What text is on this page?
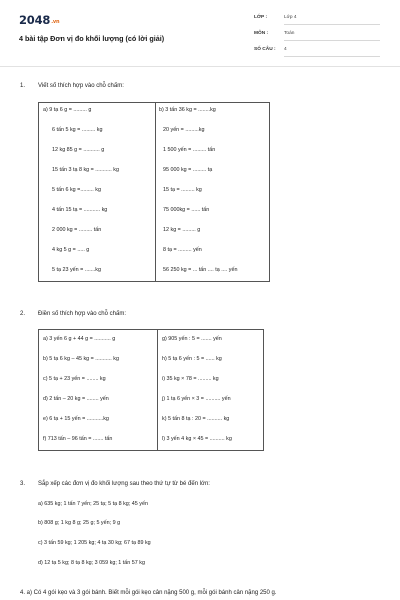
2048.vn
4 bài tập Đơn vị đo khối lượng (có lời giải)
LỚP :	Lớp 4
MÔN :	Toán
SỐ CÂU : 4
1. Viết số thích hợp vào chỗ chấm:
a) 9 tạ 6 g = ......... g
6 tấn 5 kg = ......... kg
12 kg 85 g = ........... g
15 tấn 3 tạ 8 kg = ........... kg
5 tấn 6 kg =......... kg
4 tấn 15 tạ = ........... kg
2 000 kg = ......... tấn
4 kg 5 g = ..... g
5 tạ 23 yến = .......kg
b) 3 tấn 36 kg = ........kg
20 yến = .........kg
1 500 yến = ......... tấn
95 000 kg = ......... tạ
15 tạ = ......... kg
75 000kg = ...... tấn
12 kg = ......... g
8 tạ = ......... yến
56 250 kg = ... tấn .... tạ .... yến
2. Điền số thích hợp vào chỗ chấm:
a) 3 yến 6 g + 44 g = ........... g
b) 5 tạ 6 kg – 45 kg = ........... kg
c) 5 tạ + 23 yến = ........ kg
d) 2 tấn – 20 kg = ........ yến
e) 6 tạ + 15 yến = ...........kg
f) 713 tấn – 96 tấn = ....... tấn
g) 905 yến : 5 = ....... yến
h) 5 tạ 6 yến : 5 = ...... kg
i) 35 kg × 78 = ......... kg
j) 1 tạ 6 yến × 3 = .......... yến
k) 5 tấn 8 tạ : 20 = .......... kg
l) 3 yến 4 kg × 45 = .......... kg
3. Sắp xếp các đơn vị đo khối lượng sau theo thứ tự từ bé đến lớn:
a) 635 kg; 1 tấn 7 yến; 25 tạ; 5 tạ 8 kg; 45 yến
b) 808 g; 1 kg 8 g; 25 g; 5 yến; 9 g
c) 3 tấn 59 kg; 1 205 kg; 4 tạ 30 kg; 67 tạ 89 kg
d) 12 tạ 5 kg; 8 tạ 8 kg; 3 059 kg; 1 tấn 57 kg
4. a) Có 4 gói kẹo và 3 gói bánh. Biết mỗi gói kẹo cân nặng 500 g, mỗi gói bánh cân nặng 250 g.
